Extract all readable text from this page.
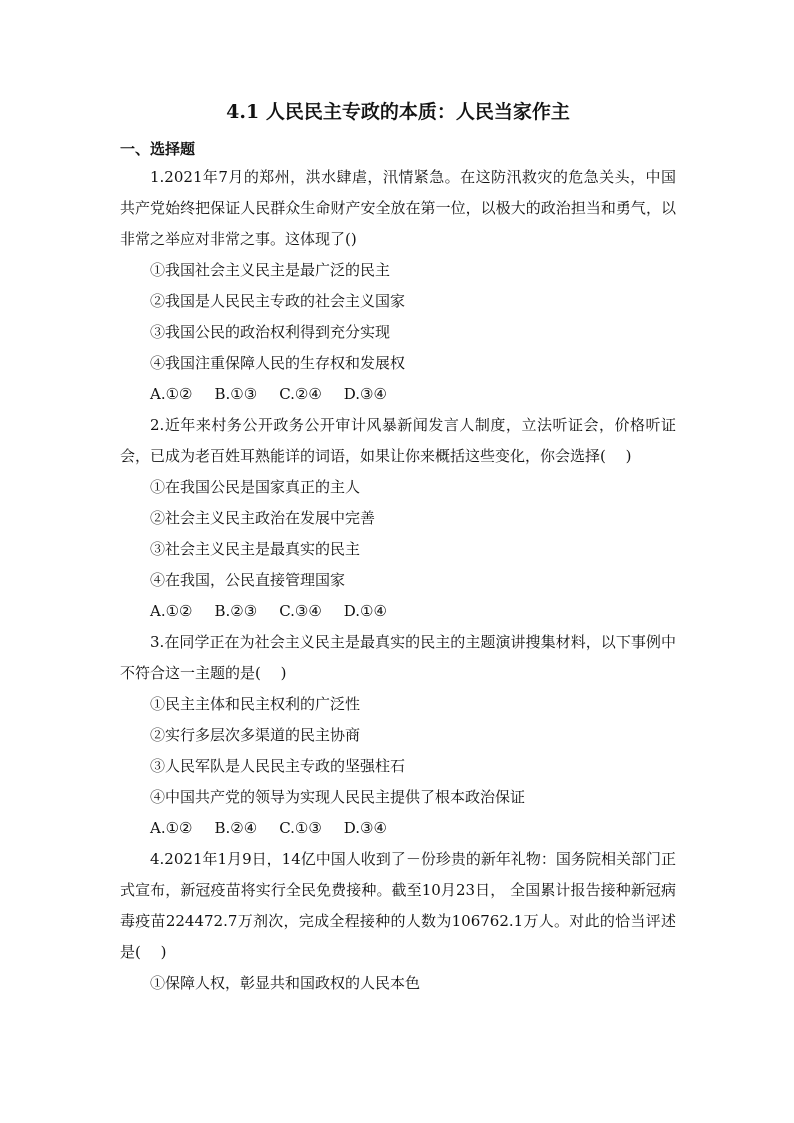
4.1 人民民主专政的本质：人民当家作主
一、选择题

1.2021年7月的郑州，洪水肆虐，汛情紧急。在这防汛救灾的危急关头，中国共产党始终把保证人民群众生命财产安全放在第一位，以极大的政治担当和勇气，以非常之举应对非常之事。这体现了()

①我国社会主义民主是最广泛的民主

②我国是人民民主专政的社会主义国家

③我国公民的政治权利得到充分实现

④我国注重保障人民的生存权和发展权

A.①② B.①③ C.②④ D.③④

2.近年来村务公开政务公开审计风暴新闻发言人制度，立法听证会，价格听证会，已成为老百姓耳熟能详的词语，如果让你来概括这些变化，你会选择(　 )

①在我国公民是国家真正的主人

②社会主义民主政治在发展中完善

③社会主义民主是最真实的民主

④在我国，公民直接管理国家

A.①② B.②③ C.③④ D.①④

3.在同学正在为社会主义民主是最真实的民主的主题演讲搜集材料，以下事例中不符合这一主题的是(　 )

①民主主体和民主权利的广泛性

②实行多层次多渠道的民主协商

③人民军队是人民民主专政的坚强柱石

④中国共产党的领导为实现人民民主提供了根本政治保证

A.①② B.②④ C.①③ D.③④

4.2021年1月9日，14亿中国人收到了－份珍贵的新年礼物：国务院相关部门正式宣布，新冠疫苗将实行全民免费接种。截至10月23日， 全国累计报告接种新冠病毒疫苗224472.7万剂次，完成全程接种的人数为106762.1万人。对此的恰当评述是(　 )

①保障人权，彰显共和国政权的人民本色
